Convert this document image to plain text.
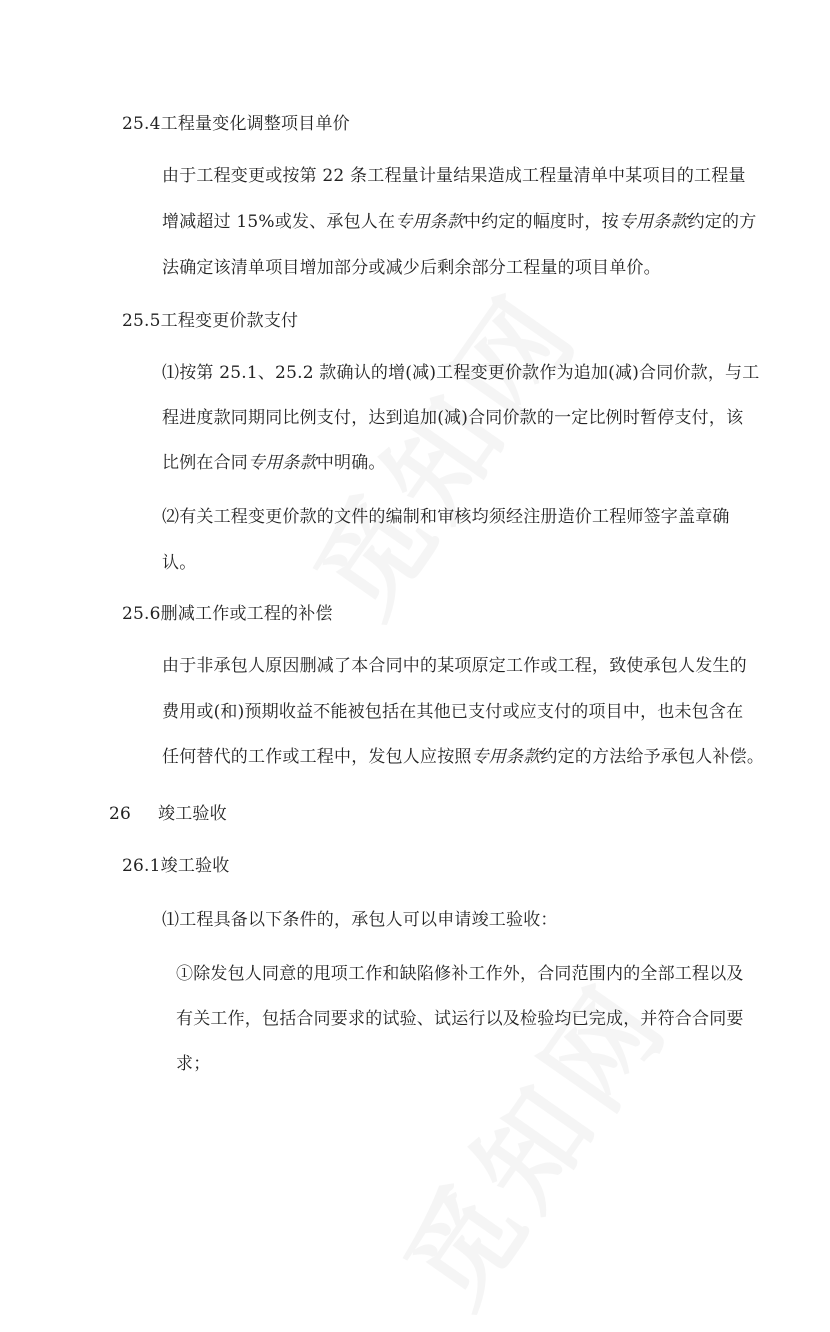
25.4工程量变化调整项目单价
由于工程变更或按第 22 条工程量计量结果造成工程量清单中某项目的工程量
增减超过 15%或发、承包人在专用条款中约定的幅度时，按专用条款约定的方
法确定该清单项目增加部分或减少后剩余部分工程量的项目单价。
25.5工程变更价款支付
⑴按第 25.1、25.2 款确认的增(减)工程变更价款作为追加(减)合同价款，与工
程进度款同期同比例支付，达到追加(减)合同价款的一定比例时暂停支付，该
比例在合同专用条款中明确。
⑵有关工程变更价款的文件的编制和审核均须经注册造价工程师签字盖章确
认。
25.6删减工作或工程的补偿
由于非承包人原因删减了本合同中的某项原定工作或工程，致使承包人发生的
费用或(和)预期收益不能被包括在其他已支付或应支付的项目中，也未包含在
任何替代的工作或工程中，发包人应按照专用条款约定的方法给予承包人补偿。
26 竣工验收
26.1竣工验收
⑴工程具备以下条件的，承包人可以申请竣工验收：
①除发包人同意的甩项工作和缺陷修补工作外，合同范围内的全部工程以及
有关工作，包括合同要求的试验、试运行以及检验均已完成，并符合合同要
求；
